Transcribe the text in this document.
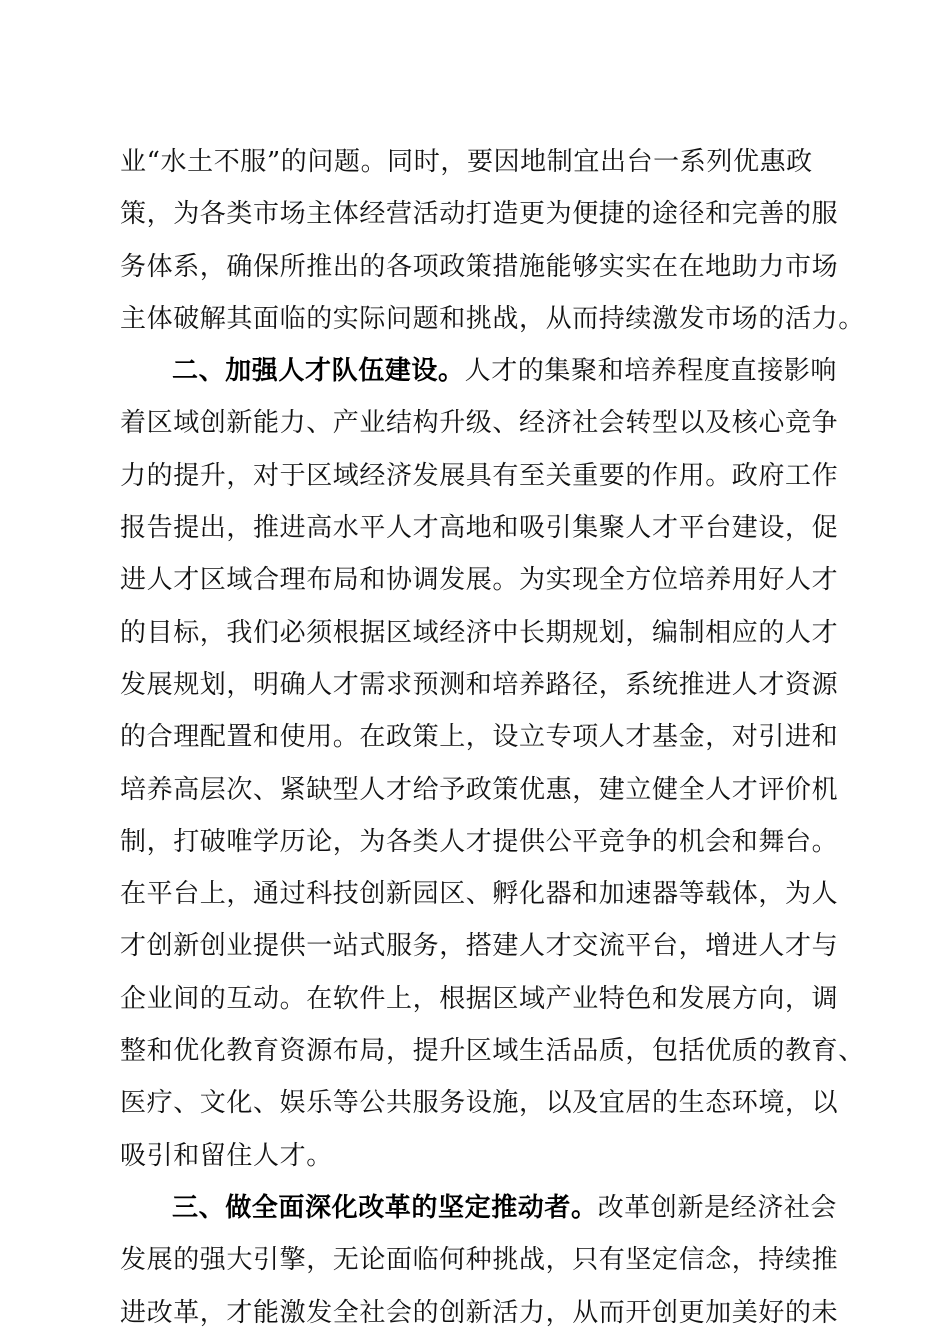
业“水土不服”的问题。同时，要因地制宜出台一系列优惠政
策，为各类市场主体经营活动打造更为便捷的途径和完善的服
务体系，确保所推出的各项政策措施能够实实在在地助力市场
主体破解其面临的实际问题和挑战，从而持续激发市场的活力。
二、加强人才队伍建设。人才的集聚和培养程度直接影响
着区域创新能力、产业结构升级、经济社会转型以及核心竞争
力的提升，对于区域经济发展具有至关重要的作用。政府工作
报告提出，推进高水平人才高地和吸引集聚人才平台建设，促
进人才区域合理布局和协调发展。为实现全方位培养用好人才
的目标，我们必须根据区域经济中长期规划，编制相应的人才
发展规划，明确人才需求预测和培养路径，系统推进人才资源
的合理配置和使用。在政策上，设立专项人才基金，对引进和
培养高层次、紧缺型人才给予政策优惠，建立健全人才评价机
制，打破唯学历论，为各类人才提供公平竞争的机会和舞台。
在平台上，通过科技创新园区、孵化器和加速器等载体，为人
才创新创业提供一站式服务，搭建人才交流平台，增进人才与
企业间的互动。在软件上，根据区域产业特色和发展方向，调
整和优化教育资源布局，提升区域生活品质，包括优质的教育、
医疗、文化、娱乐等公共服务设施，以及宜居的生态环境，以
吸引和留住人才。
三、做全面深化改革的坚定推动者。改革创新是经济社会
发展的强大引擎，无论面临何种挑战，只有坚定信念，持续推
进改革，才能激发全社会的创新活力，从而开创更加美好的未
